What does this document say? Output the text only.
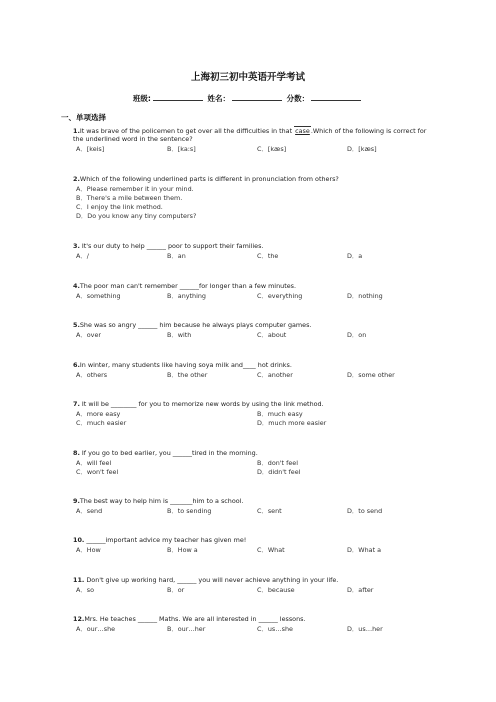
上海初三初中英语开学考试
班级:	姓名：	分数：
一、单项选择
1.It was brave of the policemen to get over all the difficulties in that case.Which of the following is correct for the underlined word in the sentence?
A．[keis]	B．[ka:s]	C．[kæs]	D．[kæs]
2.Which of the following underlined parts is different in pronunciation from others?
A．Please remember it in your mind.
B．There's a mile between them.
C．I enjoy the link method.
D．Do you know any tiny computers?
3. It's our duty to help ______ poor to support their families.
A．/	B．an	C．the	D．a
4.The poor man can't remember ______for longer than a few minutes.
A．something	B．anything	C．everything	D．nothing
5.She was so angry ______ him because he always plays computer games.
A．over	B．with	C．about	D．on
6.In winter, many students like having soya milk and____ hot drinks.
A．others	B．the other	C．another	D．some other
7. It will be ________ for you to memorize new words by using the link method.
A．more easy	B．much easy
C．much easier	D．much more easier
8. If you go to bed earlier, you ______tired in the morning.
A．will feel	B．don't feel
C．won't feel	D．didn't feel
9.The best way to help him is _______him to a school.
A．send	B．to sending	C．sent	D．to send
10. ______important advice my teacher has given me!
A．How	B．How a	C．What	D．What a
11. Don't give up working hard, ______ you will never achieve anything in your life.
A．so	B．or	C．because	D．after
12.Mrs. He teaches ______ Maths. We are all interested in ______ lessons.
A．our…she	B．our…her	C．us…she	D．us…her
